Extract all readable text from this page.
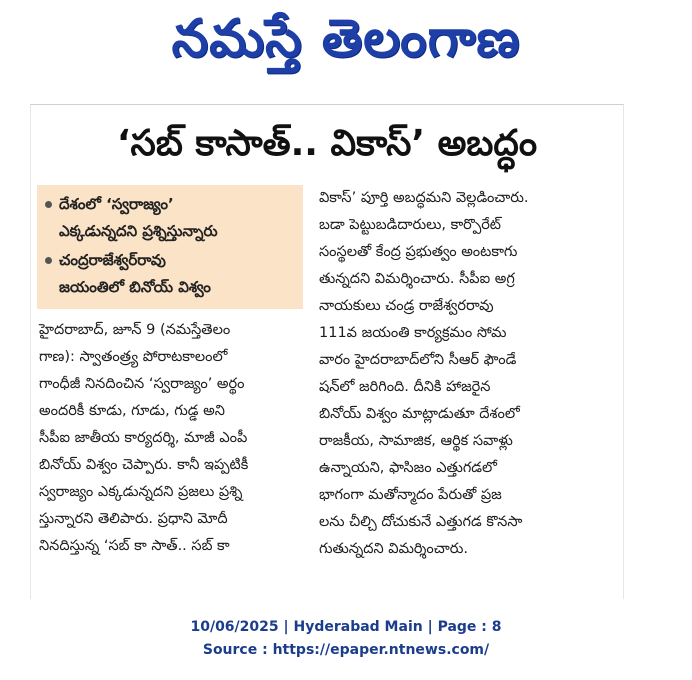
నమస్తే తెలంగాణ
‘సబ్ కాసాత్.. వికాస్’ అబద్ధం
దేశంలో ‘స్వరాజ్యం’
ఎక్కడున్నదని ప్రశ్నిస్తున్నారు
చంద్రరాజేశ్వర్‌రావు
జయంతిలో బినోయ్ విశ్వం
హైదరాబాద్, జూన్ 9 (నమస్తేతెలం
గాణ): స్వాతంత్ర్య పోరాటకాలంలో
గాంధీజీ నినదించిన ‘స్వరాజ్యం’ అర్థం
అందరికీ కూడు, గూడు, గుడ్డ అని
సీపీఐ జాతీయ కార్యదర్శి, మాజీ ఎంపీ
బినోయ్ విశ్వం చెప్పారు. కానీ ఇప్పటికీ
స్వరాజ్యం ఎక్కడున్నదని ప్రజలు ప్రశ్ని
స్తున్నారని తెలిపారు. ప్రధాని మోదీ
నినదిస్తున్న ‘సబ్ కా సాత్.. సబ్ కా
వికాస్’ పూర్తి అబద్ధమని వెల్లడించారు.
బడా పెట్టుబడిదారులు, కార్పొరేట్
సంస్థలతో కేంద్ర ప్రభుత్వం అంటకాగు
తున్నదని విమర్శించారు. సీపీఐ అగ్ర
నాయకులు చండ్ర రాజేశ్వరరావు
111వ జయంతి కార్యక్రమం సోమ
వారం హైదరాబాద్‌లోని సీఆర్ ఫౌండే
షన్‌లో జరిగింది. దీనికి హాజరైన
బినోయ్ విశ్వం మాట్లాడుతూ దేశంలో
రాజకీయ, సామాజిక, ఆర్థిక సవాళ్లు
ఉన్నాయని, ఫాసిజం ఎత్తుగడలో
భాగంగా మతోన్మాదం పేరుతో ప్రజ
లను చీల్చి దోచుకునే ఎత్తుగడ కొనసా
గుతున్నదని విమర్శించారు.
10/06/2025 | Hyderabad Main | Page : 8
Source : https://epaper.ntnews.com/
